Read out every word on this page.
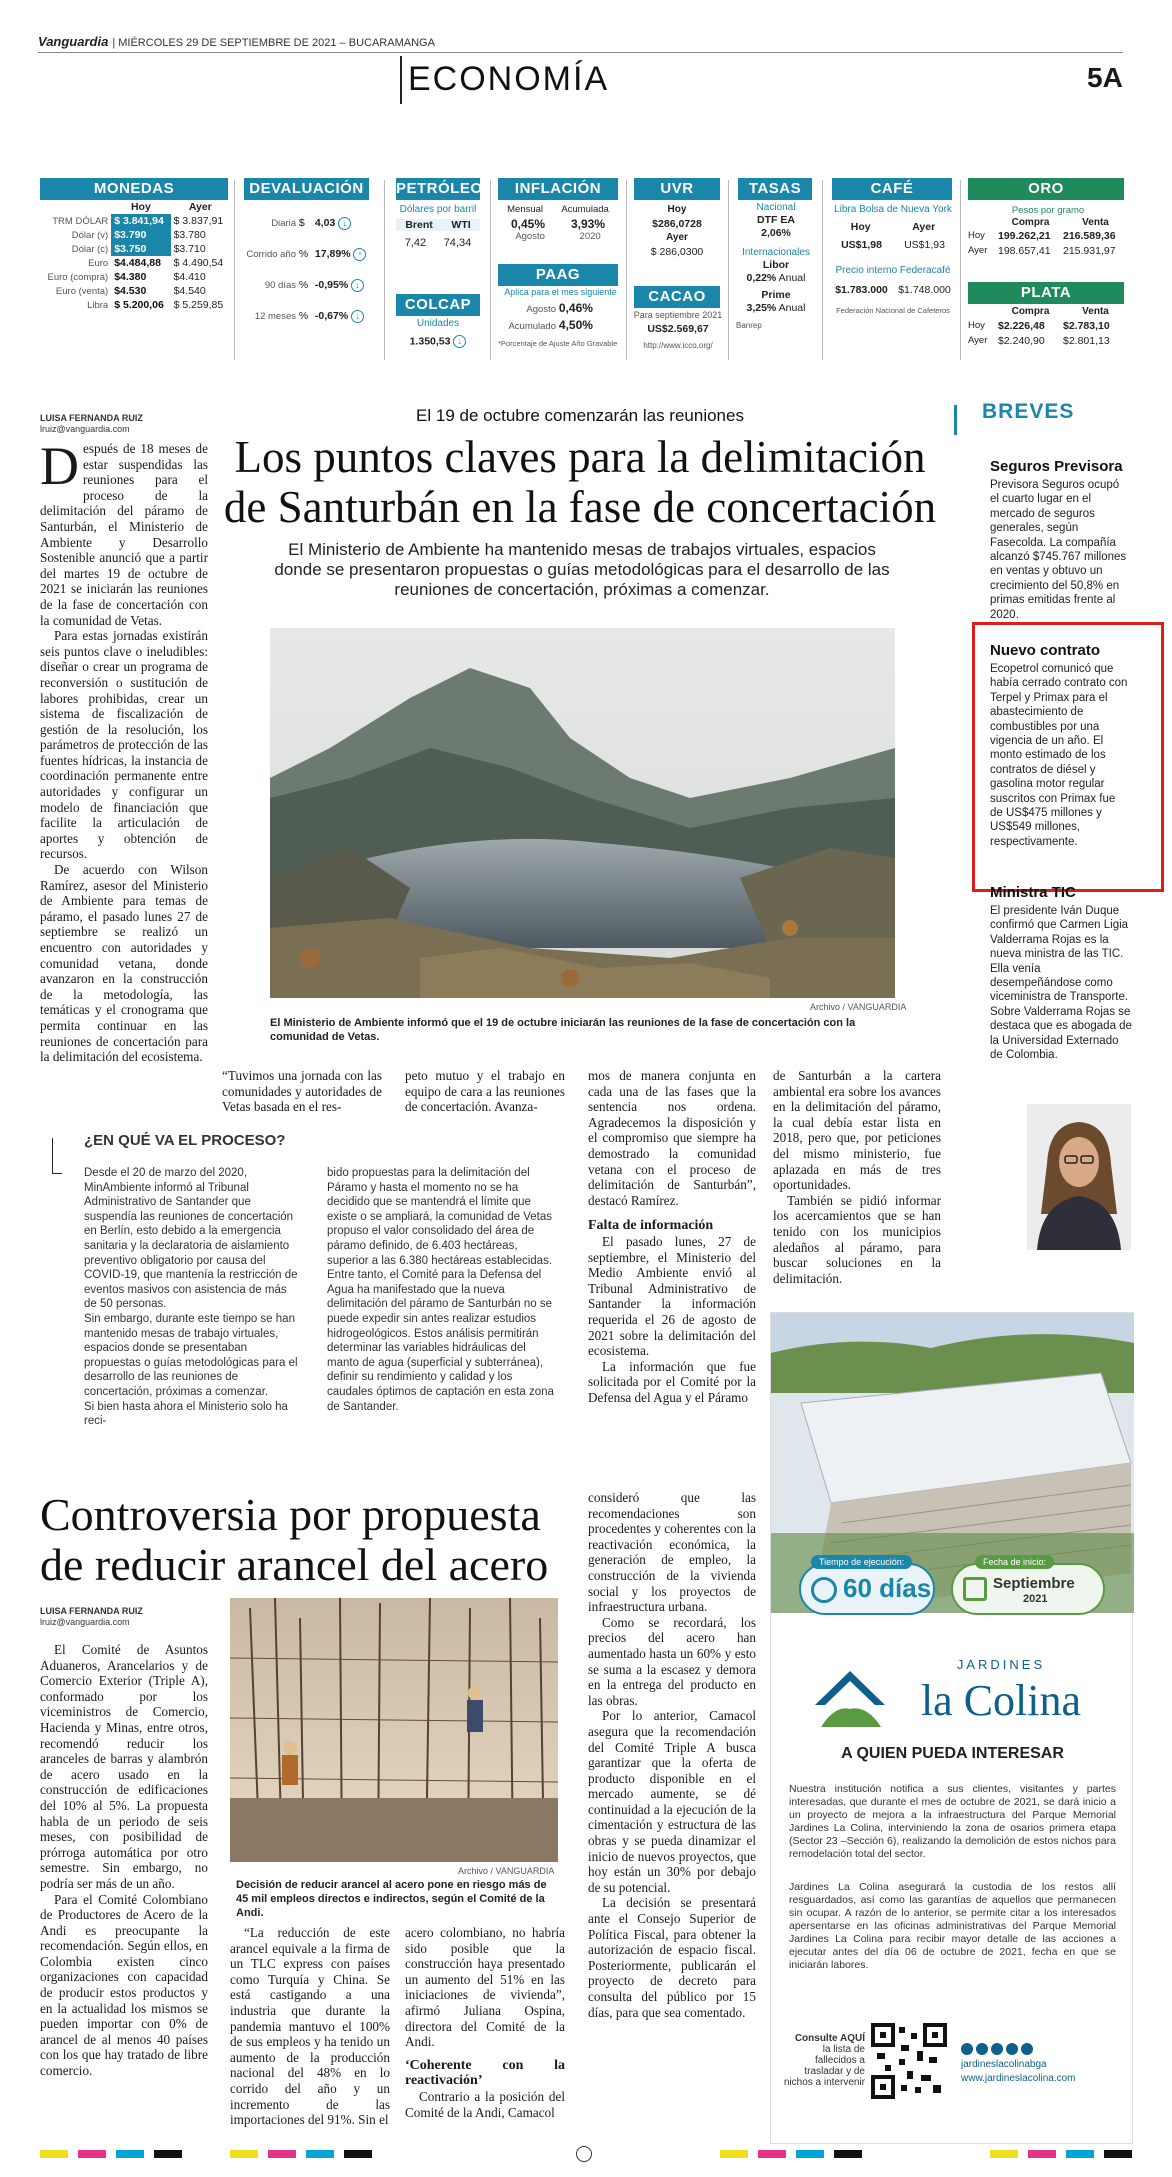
Vanguardia | MIÉRCOLES 29 DE SEPTIEMBRE DE 2021 – BUCARAMANGA
ECONOMÍA	5A
MONEDAS
	Hoy	Ayer
TRM DÓLAR	$ 3.841,94	$ 3.837,91
Dólar (v)	$3.790	$3.780
Dólar (c)	$3.750	$3.710
Euro	$4.484,88	$ 4.490,54
Euro (compra)	$4.380	$4.410
Euro (venta)	$4.530	$4.540
Libra	$ 5.200,06	$ 5.259,85
DEVALUACIÓN
Diaria $ 4,03 ↓
Corrido año % 17,89% ↑
90 días % -0,95% ↓
12 meses % -0,67% ↓
PETRÓLEO
Dólares por barril
Brent WTI
7,42 74,34
COLCAP
Unidades
1.350,53 ↓
INFLACIÓN
Mensual Acumulada
0,45% 3,93%
Agosto	2020
PAAG
Aplica para el mes siguiente
Agosto 0,46%
Acumulado 4,50%
*Porcentaje de Ajuste Año Gravable
UVR
Hoy
$286,0728
Ayer
$ 286,0300
CACAO
Para septiembre 2021
US$2.569,67
http://www.iccо.org/
TASAS
Nacional
DTF EA
2,06%
Internacionales
Libor
0,22% Anual
Prime
3,25% Anual
Banrep
CAFÉ
Libra Bolsa de Nueva York
Hoy	Ayer
US$1,98 US$1,93
Precio interno Federacafé
$1.783.000 $1.748.000
Federación Nacional de Cafeteros
ORO
Pesos por gramo
Compra	Venta
Hoy	199.262,21	216.589,36
Ayer	198.657,41	215.931,97
PLATA
Compra	Venta
Hoy	$2.226,48	$2.783,10
Ayer	$2.240,90	$2.801,13
LUISA FERNANDA RUIZ
lruiz@vanguardia.com
El 19 de octubre comenzarán las reuniones
Los puntos claves para la delimitación
de Santurbán en la fase de concertación
El Ministerio de Ambiente ha mantenido mesas de trabajos virtuales, espacios donde se presentaron propuestas o guías metodológicas para el desarrollo de las reuniones de concertación, próximas a comenzar.
D espués de 18 meses de estar suspendidas las reuniones para el proceso de la delimitación del páramo de Santurbán, el Ministerio de Ambiente y Desarrollo Sostenible anunció que a partir del martes 19 de octubre de 2021 se iniciarán las reuniones de la fase de concertación con la comunidad de Vetas.

Para estas jornadas existirán seis puntos clave o ineludibles: diseñar o crear un programa de reconversión o sustitución de labores prohibidas, crear un sistema de fiscalización de gestión de la resolución, los parámetros de protección de las fuentes hídricas, la instancia de coordinación permanente entre autoridades y configurar un modelo de financiación que facilite la articulación de aportes y obtención de recursos.

De acuerdo con Wilson Ramírez, asesor del Ministerio de Ambiente para temas de páramo, el pasado lunes 27 de septiembre se realizó un encuentro con autoridades y comunidad vetana, donde avanzaron en la construcción de la metodología, las temáticas y el cronograma que permita continuar en las reuniones de concertación para la delimitación del ecosistema.

Archivo / VANGUARDIA
El Ministerio de Ambiente informó que el 19 de octubre iniciarán las reuniones de la fase de concertación con la comunidad de Vetas.

“Tuvimos una jornada con las comunidades y autoridades de Vetas basada en el res-

peto mutuo y el trabajo en equipo de cara a las reuniones de concertación. Avanza-

mos de manera conjunta en cada una de las fases que la sentencia nos ordena. Agradecemos la disposición y el compromiso que siempre ha demostrado la comunidad vetana con el proceso de delimitación de Santurbán”, destacó Ramírez.

Falta de información

El pasado lunes, 27 de septiembre, el Ministerio del Medio Ambiente envió al Tribunal Administrativo de Santander la información requerida el 26 de agosto de 2021 sobre la delimitación del ecosistema.

La información que fue solicitada por el Comité por la Defensa del Agua y el Páramo

de Santurbán a la cartera ambiental era sobre los avances en la delimitación del páramo, la cual debía estar lista en 2018, pero que, por peticiones del mismo ministerio, fue aplazada en más de tres oportunidades.

También se pidió informar los acercamientos que se han tenido con los municipios aledaños al páramo, para buscar soluciones en la delimitación.

¿EN QUÉ VA EL PROCESO?

Desde el 20 de marzo del 2020, MinAmbiente informó al Tribunal Administrativo de Santander que suspendía las reuniones de concertación en Berlín, esto debido a la emergencia sanitaria y la declaratoria de aislamiento preventivo obligatorio por causa del COVID-19, que mantenía la restricción de eventos masivos con asistencia de más de 50 personas.

Sin embargo, durante este tiempo se han mantenido mesas de trabajo virtuales, espacios donde se presentaban propuestas o guías metodológicas para el desarrollo de las reuniones de concertación, próximas a comenzar.

Si bien hasta ahora el Ministerio solo ha reci-

bido propuestas para la delimitación del Páramo y hasta el momento no se ha decidido que se mantendrá el límite que existe o se ampliará, la comunidad de Vetas propuso el valor consolidado del área de páramo definido, de 6.403 hectáreas, superior a las 6.380 hectáreas establecidas.

Entre tanto, el Comité para la Defensa del Agua ha manifestado que la nueva delimitación del páramo de Santurbán no se puede expedir sin antes realizar estudios hidrogeológicos. Estos análisis permitirán determinar las variables hidráulicas del manto de agua (superficial y subterránea), definir su rendimiento y calidad y los caudales óptimos de captación en esta zona de Santander.

BREVES
Seguros Previsora
Previsora Seguros ocupó el cuarto lugar en el mercado de seguros generales, según Fasecolda. La compañía alcanzó $745.767 millones en ventas y obtuvo un crecimiento del 50,8% en primas emitidas frente al 2020.
Nuevo contrato
Ecopetrol comunicó que había cerrado contrato con Terpel y Primax para el abastecimiento de combustibles por una vigencia de un año. El monto estimado de los contratos de diésel y gasolina motor regular suscritos con Primax fue de US$475 millones y US$549 millones, respectivamente.
Ministra TIC
El presidente Iván Duque confirmó que Carmen Ligia Valderrama Rojas es la nueva ministra de las TIC. Ella venía desempeñándose como viceministra de Transporte. Sobre Valderrama Rojas se destaca que es abogada de la Universidad Externado de Colombia.
Controversia por propuesta
de reducir arancel del acero
LUISA FERNANDA RUIZ
lruiz@vanguardia.com

El Comité de Asuntos Aduaneros, Arancelarios y de Comercio Exterior (Triple A), conformado por los viceministros de Comercio, Hacienda y Minas, entre otros, recomendó reducir los aranceles de barras y alambrón de acero usado en la construcción de edificaciones del 10% al 5%. La propuesta habla de un periodo de seis meses, con posibilidad de prórroga automática por otro semestre. Sin embargo, no podría ser más de un año.

Para el Comité Colombiano de Productores de Acero de la Andi es preocupante la recomendación. Según ellos, en Colombia existen cinco organizaciones con capacidad de producir estos productos y en la actualidad los mismos se pueden importar con 0% de arancel de al menos 40 países con los que hay tratado de libre comercio.

Archivo / VANGUARDIA
Decisión de reducir arancel al acero pone en riesgo más de 45 mil empleos directos e indirectos, según el Comité de la Andi.

“La reducción de este arancel equivale a la firma de un TLC express con países como Turquía y China. Se está castigando a una industria que durante la pandemia mantuvo el 100% de sus empleos y ha tenido un aumento de la producción nacional del 48% en lo corrido del año y un incremento de las importaciones del 91%. Sin el

acero colombiano, no habría sido posible que la construcción haya presentado un aumento del 51% en las iniciaciones de vivienda”, afirmó Juliana Ospina, directora del Comité de la Andi.

‘Coherente con la reactivación’

Contrario a la posición del Comité de la Andi, Camacol

consideró que las recomendaciones son procedentes y coherentes con la reactivación económica, la generación de empleo, la construcción de la vivienda social y los proyectos de infraestructura urbana.

Como se recordará, los precios del acero han aumentado hasta un 60% y esto se suma a la escasez y demora en la entrega del producto en las obras.

Por lo anterior, Camacol asegura que la recomendación del Comité Triple A busca garantizar que la oferta de producto disponible en el mercado aumente, se dé continuidad a la ejecución de la cimentación y estructura de las obras y se pueda dinamizar el inicio de nuevos proyectos, que hoy están un 30% por debajo de su potencial.

La decisión se presentará ante el Consejo Superior de Política Fiscal, para obtener la autorización de espacio fiscal. Posteriormente, publicarán el proyecto de decreto para consulta del público por 15 días, para que sea comentado.

Tiempo de ejecución:
60 días
Fecha de inicio:
Septiembre
2021
JARDINES
la Colina
A QUIEN PUEDA INTERESAR
Nuestra institución notifica a sus clientes, visitantes y partes interesadas, que durante el mes de octubre de 2021, se dará inicio a un proyecto de mejora a la infraestructura del Parque Memorial Jardines La Colina, interviniendo la zona de osarios primera etapa (Sector 23 –Sección 6), realizando la demolición de estos nichos para remodelación total del sector.
Jardines La Colina asegurará la custodia de los restos allí resguardados, así como las garantías de aquellos que permanecen sin ocupar. A razón de lo anterior, se permite citar a los interesados apersentarse en las oficinas administrativas del Parque Memorial Jardines La Colina para recibir mayor detalle de las acciones a ejecutar antes del día 06 de octubre de 2021, fecha en que se iniciarán labores.
Consulte AQUÍ
la lista de fallecidos a trasladar y de nichos a intervenir
jardineslacolinabga
www.jardineslacolina.com
